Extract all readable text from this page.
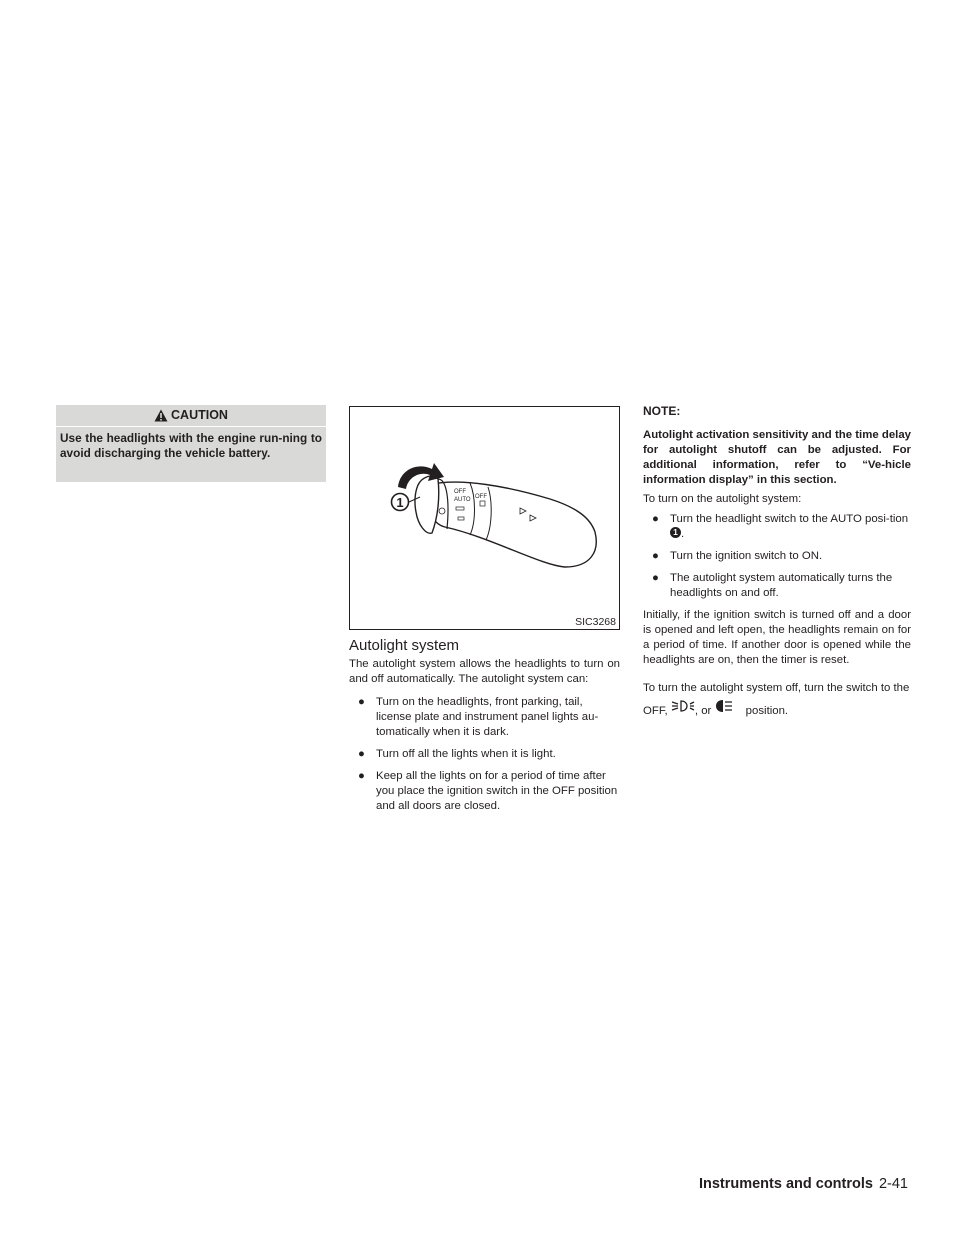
CAUTION
Use the headlights with the engine run-ning to avoid discharging the vehicle battery.
1
OFF
AUTO OFF
SIC3268
Autolight system

The autolight system allows the headlights to turn on and off automatically. The autolight system can:

● Turn on the headlights, front parking, tail, license plate and instrument panel lights au-tomatically when it is dark.
● Turn off all the lights when it is light.
● Keep all the lights on for a period of time after you place the ignition switch in the OFF position and all doors are closed.

NOTE:

Autolight activation sensitivity and the time delay for autolight shutoff can be adjusted. For additional information, refer to “Ve-hicle information display” in this section.

To turn on the autolight system:

● Turn the headlight switch to the AUTO posi-tion1 .
● Turn the ignition switch to ON.
● The autolight system automatically turns the headlights on and off.

Initially, if the ignition switch is turned off and a door is opened and left open, the headlights remain on for a period of time. If another door is opened while the headlights are on, then the timer is reset.

To turn the autolight system off, turn the switch to the OFF, , or	position.

Instruments and controls 2-41
